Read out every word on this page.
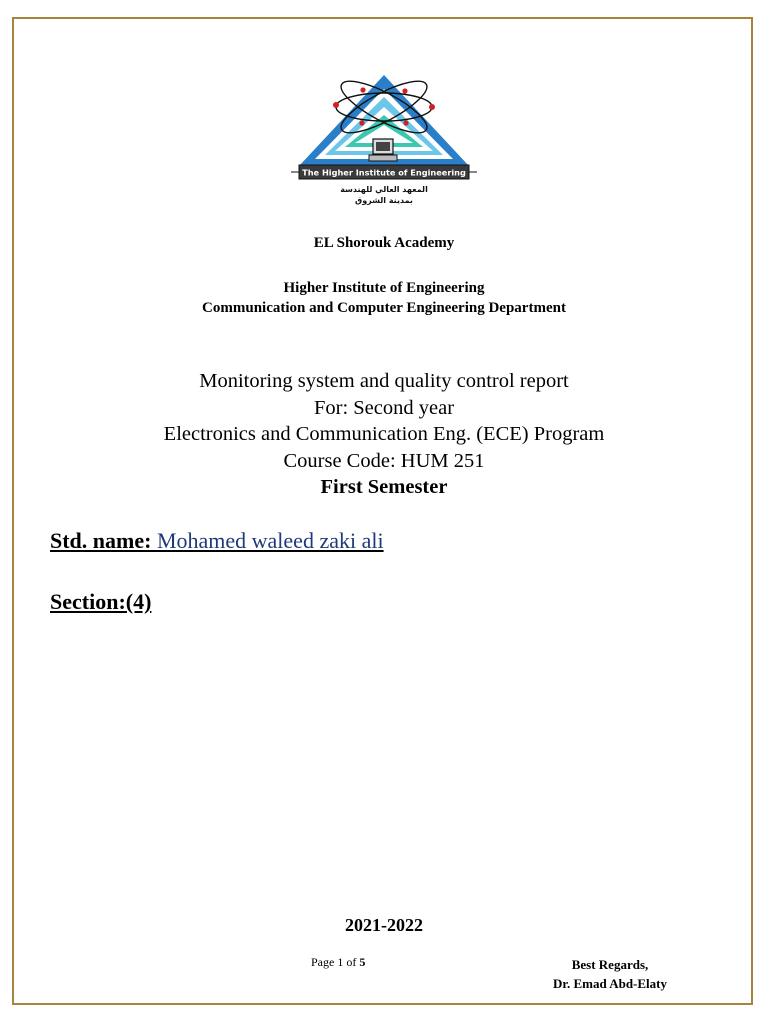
The Higher Institute of Engineering
المعهد العالي للهندسة
بمدينة الشروق
EL Shorouk Academy
Higher Institute of Engineering
Communication and Computer Engineering Department
Monitoring system and quality control report
For: Second year
Electronics and Communication Eng. (ECE) Program
Course Code: HUM 251
First Semester
Std. name: Mohamed waleed zaki ali
Section:(4)
2021-2022
Page 1 of 5	Best Regards,
Dr. Emad Abd-Elaty
